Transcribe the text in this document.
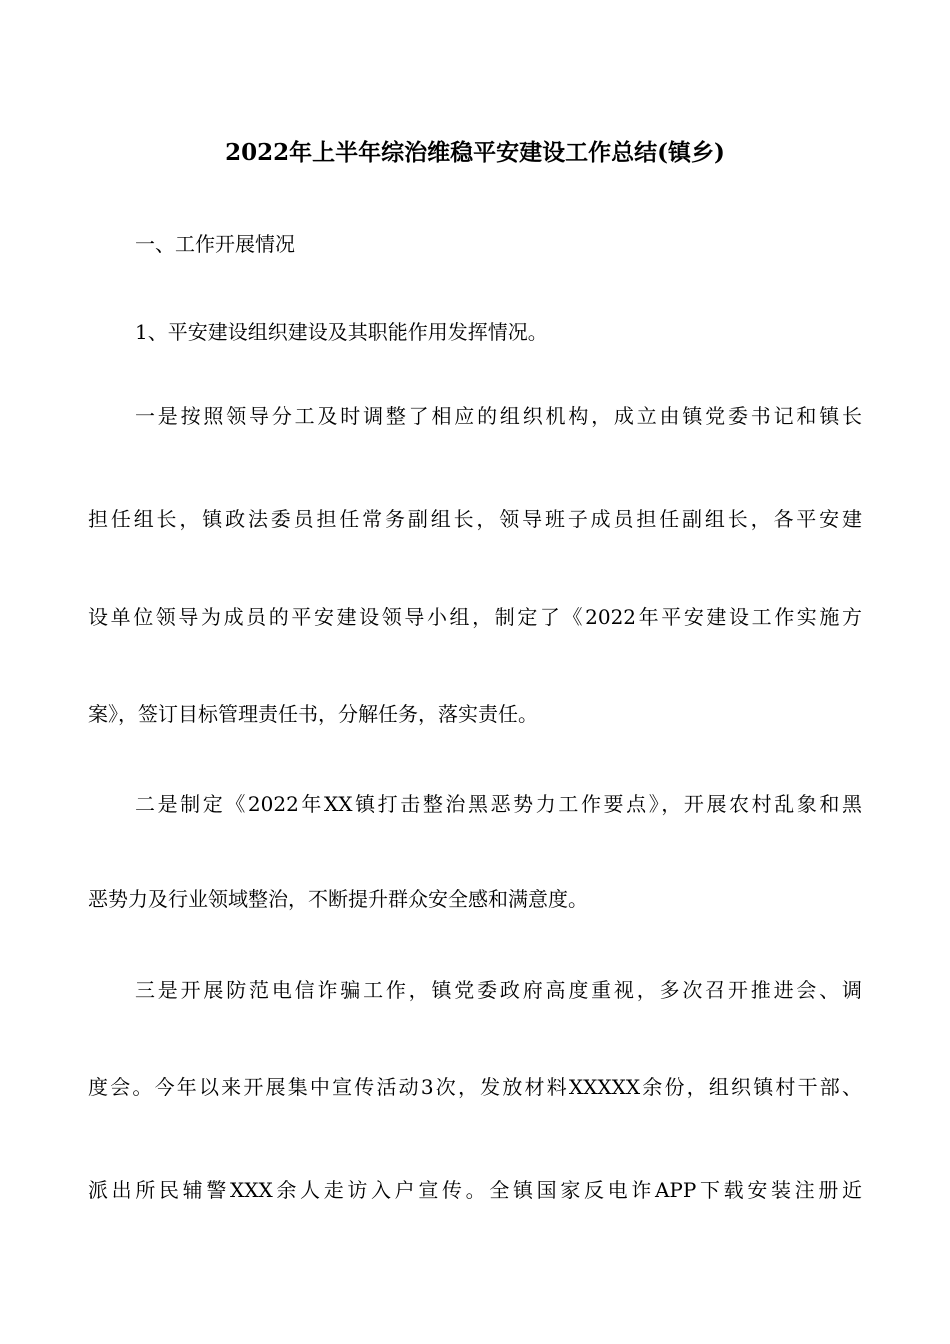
2022年上半年综治维稳平安建设工作总结(镇乡)
一、工作开展情况
1、平安建设组织建设及其职能作用发挥情况。
一是按照领导分工及时调整了相应的组织机构，成立由镇党委书记和镇长
担任组长，镇政法委员担任常务副组长，领导班子成员担任副组长，各平安建
设单位领导为成员的平安建设领导小组，制定了《2022年平安建设工作实施方
案》，签订目标管理责任书，分解任务，落实责任。
二是制定《2022年XX镇打击整治黑恶势力工作要点》，开展农村乱象和黑
恶势力及行业领域整治，不断提升群众安全感和满意度。
三是开展防范电信诈骗工作，镇党委政府高度重视，多次召开推进会、调
度会。今年以来开展集中宣传活动3次，发放材料XXXXX余份，组织镇村干部、
派出所民辅警XXX余人走访入户宣传。全镇国家反电诈APP下载安装注册近
